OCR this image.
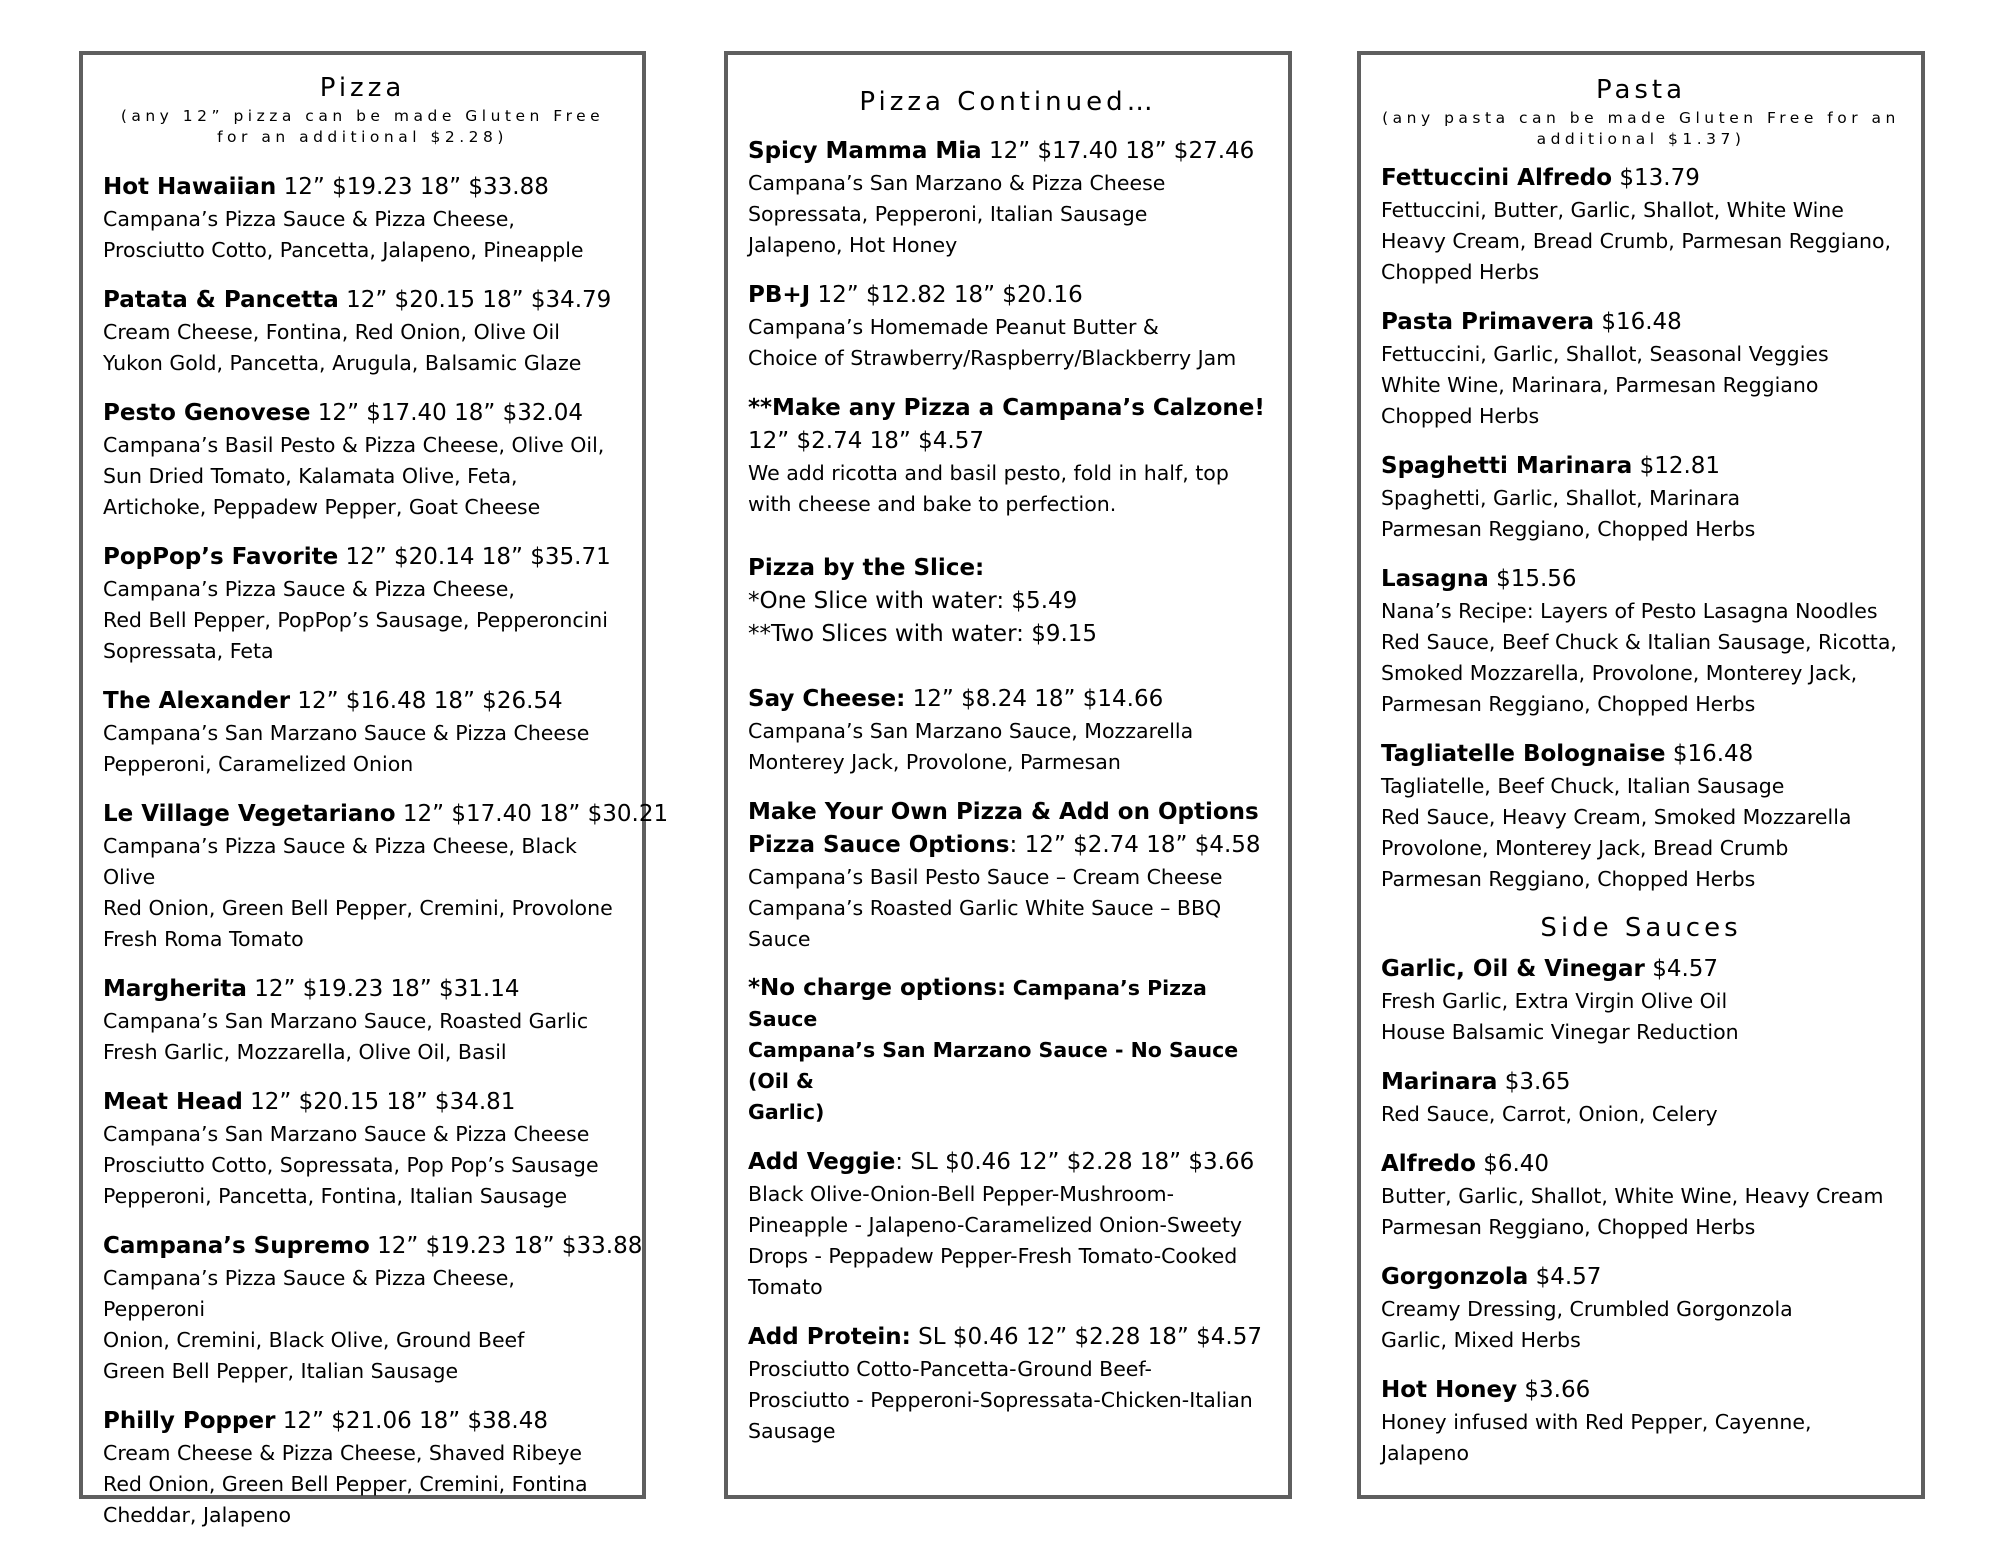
Pizza
(any 12” pizza can be made Gluten Free for an additional $2.28)
Hot Hawaiian 12” $19.23 18” $33.88
Campana’s Pizza Sauce & Pizza Cheese,
Prosciutto Cotto, Pancetta, Jalapeno, Pineapple
Patata & Pancetta 12” $20.15 18” $34.79
Cream Cheese, Fontina, Red Onion, Olive Oil
Yukon Gold, Pancetta, Arugula, Balsamic Glaze
Pesto Genovese 12” $17.40 18” $32.04
Campana’s Basil Pesto & Pizza Cheese, Olive Oil,
Sun Dried Tomato, Kalamata Olive, Feta,
Artichoke, Peppadew Pepper, Goat Cheese
PopPop’s Favorite 12” $20.14 18” $35.71
Campana’s Pizza Sauce & Pizza Cheese,
Red Bell Pepper, PopPop’s Sausage, Pepperoncini
Sopressata, Feta
The Alexander 12” $16.48 18” $26.54
Campana’s San Marzano Sauce & Pizza Cheese
Pepperoni, Caramelized Onion
Le Village Vegetariano 12” $17.40 18” $30.21
Campana’s Pizza Sauce & Pizza Cheese, Black Olive
Red Onion, Green Bell Pepper, Cremini, Provolone
Fresh Roma Tomato
Margherita 12” $19.23 18” $31.14
Campana’s San Marzano Sauce, Roasted Garlic
Fresh Garlic, Mozzarella, Olive Oil, Basil
Meat Head 12” $20.15 18” $34.81
Campana’s San Marzano Sauce & Pizza Cheese
Prosciutto Cotto, Sopressata, Pop Pop’s Sausage
Pepperoni, Pancetta, Fontina, Italian Sausage
Campana’s Supremo 12” $19.23 18” $33.88
Campana’s Pizza Sauce & Pizza Cheese, Pepperoni
Onion, Cremini, Black Olive, Ground Beef
Green Bell Pepper, Italian Sausage
Philly Popper 12” $21.06 18” $38.48
Cream Cheese & Pizza Cheese, Shaved Ribeye
Red Onion, Green Bell Pepper, Cremini, Fontina
Cheddar, Jalapeno
Pizza Continued…
Spicy Mamma Mia 12” $17.40 18” $27.46
Campana’s San Marzano & Pizza Cheese
Sopressata, Pepperoni, Italian Sausage
Jalapeno, Hot Honey
PB+J 12” $12.82 18” $20.16
Campana’s Homemade Peanut Butter &
Choice of Strawberry/Raspberry/Blackberry Jam
**Make any Pizza a Campana’s Calzone!
12” $2.74 18” $4.57
We add ricotta and basil pesto, fold in half, top
with cheese and bake to perfection.
Pizza by the Slice:
*One Slice with water: $5.49
**Two Slices with water: $9.15
Say Cheese: 12” $8.24 18” $14.66
Campana’s San Marzano Sauce, Mozzarella
Monterey Jack, Provolone, Parmesan
Make Your Own Pizza & Add on Options
Pizza Sauce Options: 12” $2.74 18” $4.58
Campana’s Basil Pesto Sauce – Cream Cheese
Campana’s Roasted Garlic White Sauce – BBQ
Sauce
*No charge options: Campana’s Pizza Sauce
Campana’s San Marzano Sauce - No Sauce (Oil &
Garlic)
Add Veggie: SL $0.46 12” $2.28 18” $3.66
Black Olive-Onion-Bell Pepper-Mushroom-
Pineapple - Jalapeno-Caramelized Onion-Sweety
Drops - Peppadew Pepper-Fresh Tomato-Cooked
Tomato
Add Protein: SL $0.46 12” $2.28 18” $4.57
Prosciutto Cotto-Pancetta-Ground Beef-
Prosciutto - Pepperoni-Sopressata-Chicken-Italian
Sausage
Pasta
(any pasta can be made Gluten Free for an additional $1.37)
Fettuccini Alfredo $13.79
Fettuccini, Butter, Garlic, Shallot, White Wine
Heavy Cream, Bread Crumb, Parmesan Reggiano,
Chopped Herbs
Pasta Primavera $16.48
Fettuccini, Garlic, Shallot, Seasonal Veggies
White Wine, Marinara, Parmesan Reggiano
Chopped Herbs
Spaghetti Marinara $12.81
Spaghetti, Garlic, Shallot, Marinara
Parmesan Reggiano, Chopped Herbs
Lasagna $15.56
Nana’s Recipe: Layers of Pesto Lasagna Noodles
Red Sauce, Beef Chuck & Italian Sausage, Ricotta,
Smoked Mozzarella, Provolone, Monterey Jack,
Parmesan Reggiano, Chopped Herbs
Tagliatelle Bolognaise $16.48
Tagliatelle, Beef Chuck, Italian Sausage
Red Sauce, Heavy Cream, Smoked Mozzarella
Provolone, Monterey Jack, Bread Crumb
Parmesan Reggiano, Chopped Herbs
Side Sauces
Garlic, Oil & Vinegar $4.57
Fresh Garlic, Extra Virgin Olive Oil
House Balsamic Vinegar Reduction
Marinara $3.65
Red Sauce, Carrot, Onion, Celery
Alfredo $6.40
Butter, Garlic, Shallot, White Wine, Heavy Cream
Parmesan Reggiano, Chopped Herbs
Gorgonzola $4.57
Creamy Dressing, Crumbled Gorgonzola
Garlic, Mixed Herbs
Hot Honey $3.66
Honey infused with Red Pepper, Cayenne,
Jalapeno
